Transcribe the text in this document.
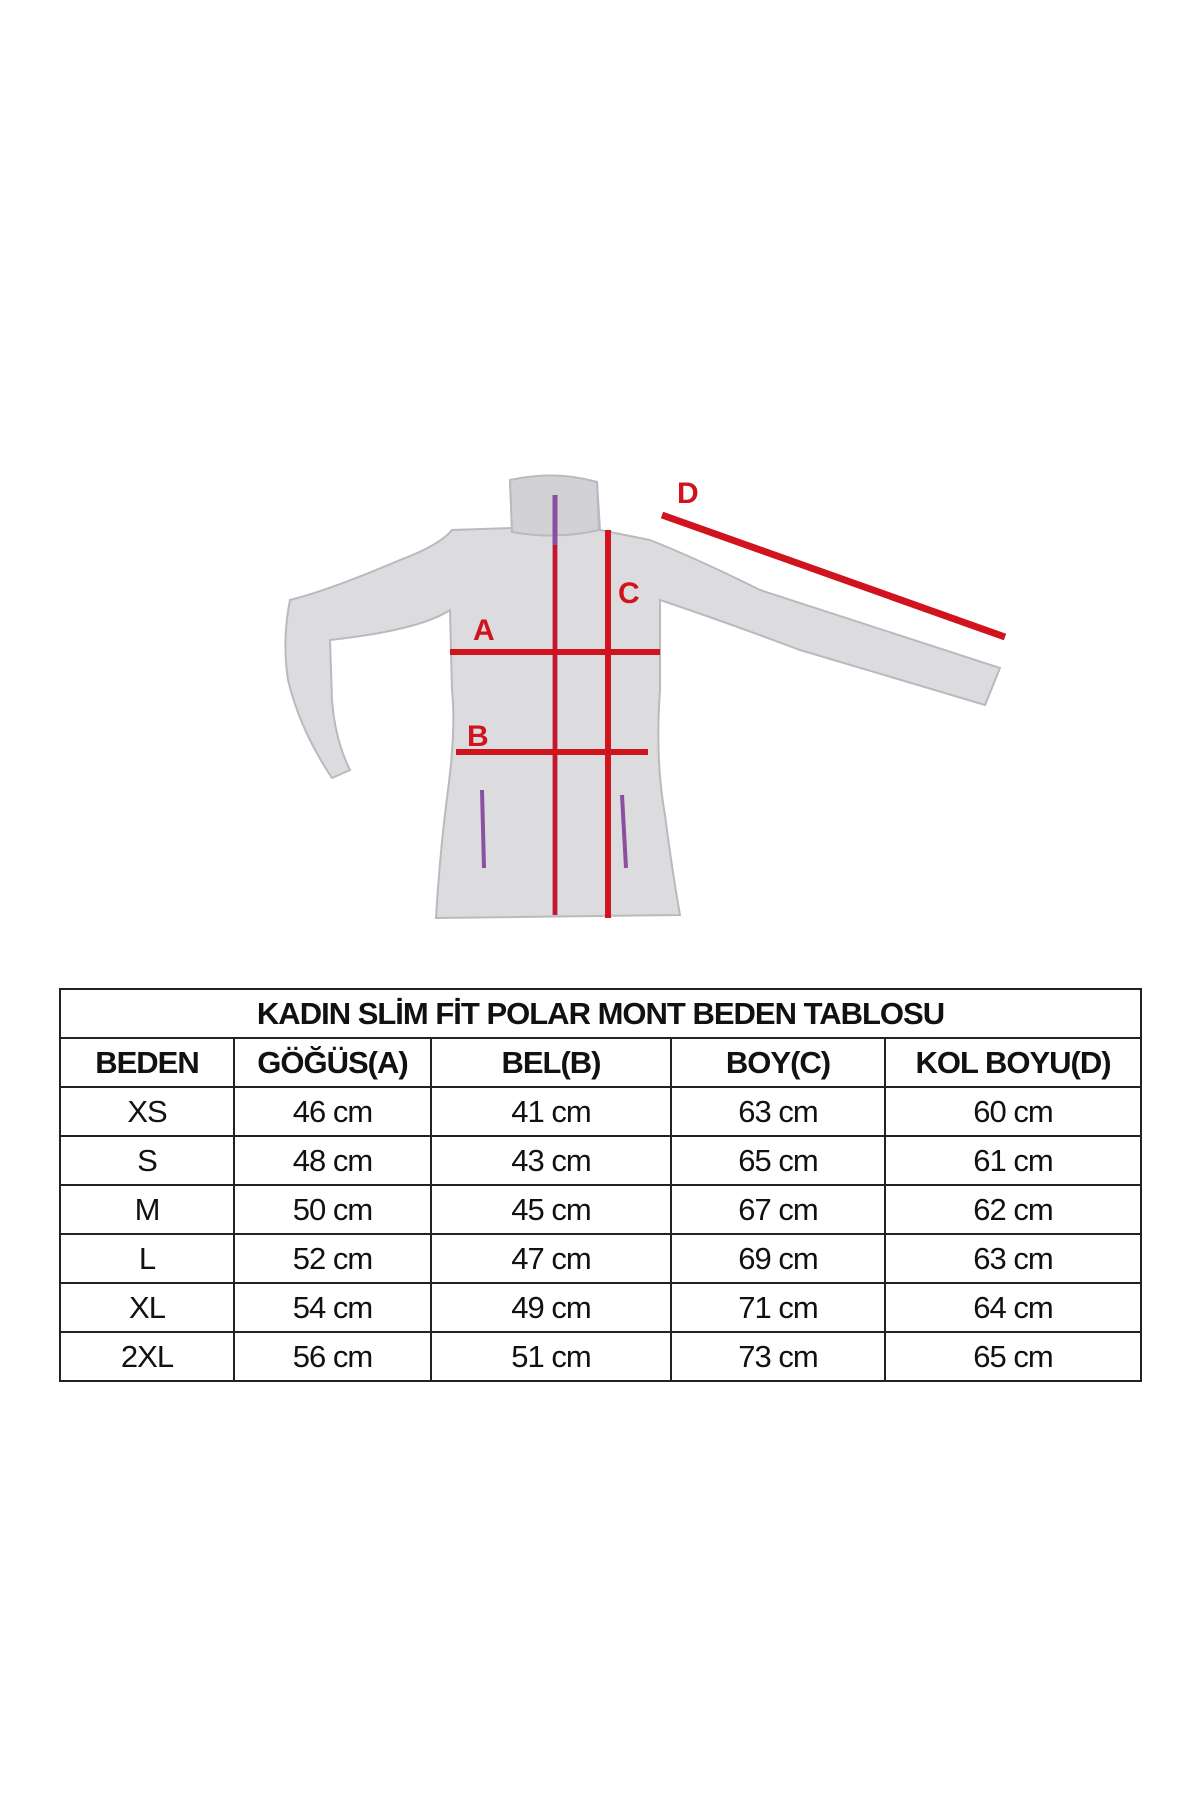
A
B
C
D
KADIN SLİM FİT POLAR MONT BEDEN TABLOSU				
BEDEN	GÖĞÜS(A)	BEL(B)	BOY(C)	KOL BOYU(D)
XS	46 cm	41 cm	63 cm	60 cm
S	48 cm	43 cm	65 cm	61 cm
M	50 cm	45 cm	67 cm	62 cm
L	52 cm	47 cm	69 cm	63 cm
XL	54 cm	49 cm	71 cm	64 cm
2XL	56 cm	51 cm	73 cm	65 cm
